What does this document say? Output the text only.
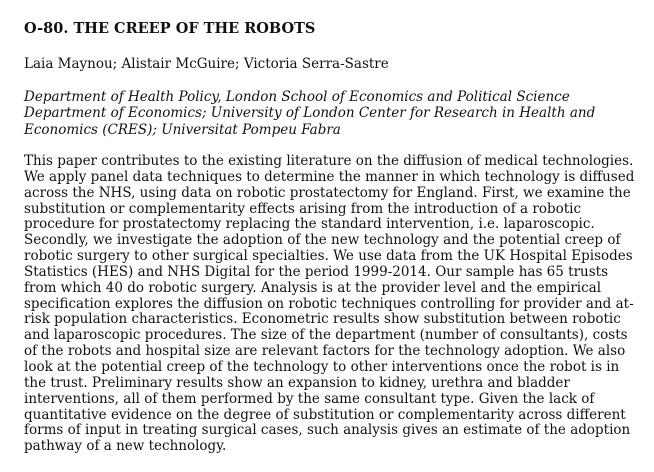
O-80. THE CREEP OF THE ROBOTS

Laia Maynou; Alistair McGuire; Victoria Serra-Sastre

Department of Health Policy, London School of Economics and Political Science Department of Economics; University of London Center for Research in Health and Economics (CRES); Universitat Pompeu Fabra

This paper contributes to the existing literature on the diffusion of medical technologies. We apply panel data techniques to determine the manner in which technology is diffused across the NHS, using data on robotic prostatectomy for England. First, we examine the substitution or complementarity effects arising from the introduction of a robotic procedure for prostatectomy replacing the standard intervention, i.e. laparoscopic. Secondly, we investigate the adoption of the new technology and the potential creep of robotic surgery to other surgical specialties. We use data from the UK Hospital Episodes Statistics (HES) and NHS Digital for the period 1999-2014. Our sample has 65 trusts from which 40 do robotic surgery. Analysis is at the provider level and the empirical specification explores the diffusion on robotic techniques controlling for provider and at-risk population characteristics. Econometric results show substitution between robotic and laparoscopic procedures. The size of the department (number of consultants), costs of the robots and hospital size are relevant factors for the technology adoption. We also look at the potential creep of the technology to other interventions once the robot is in the trust. Preliminary results show an expansion to kidney, urethra and bladder interventions, all of them performed by the same consultant type. Given the lack of quantitative evidence on the degree of substitution or complementarity across different forms of input in treating surgical cases, such analysis gives an estimate of the adoption pathway of a new technology.
